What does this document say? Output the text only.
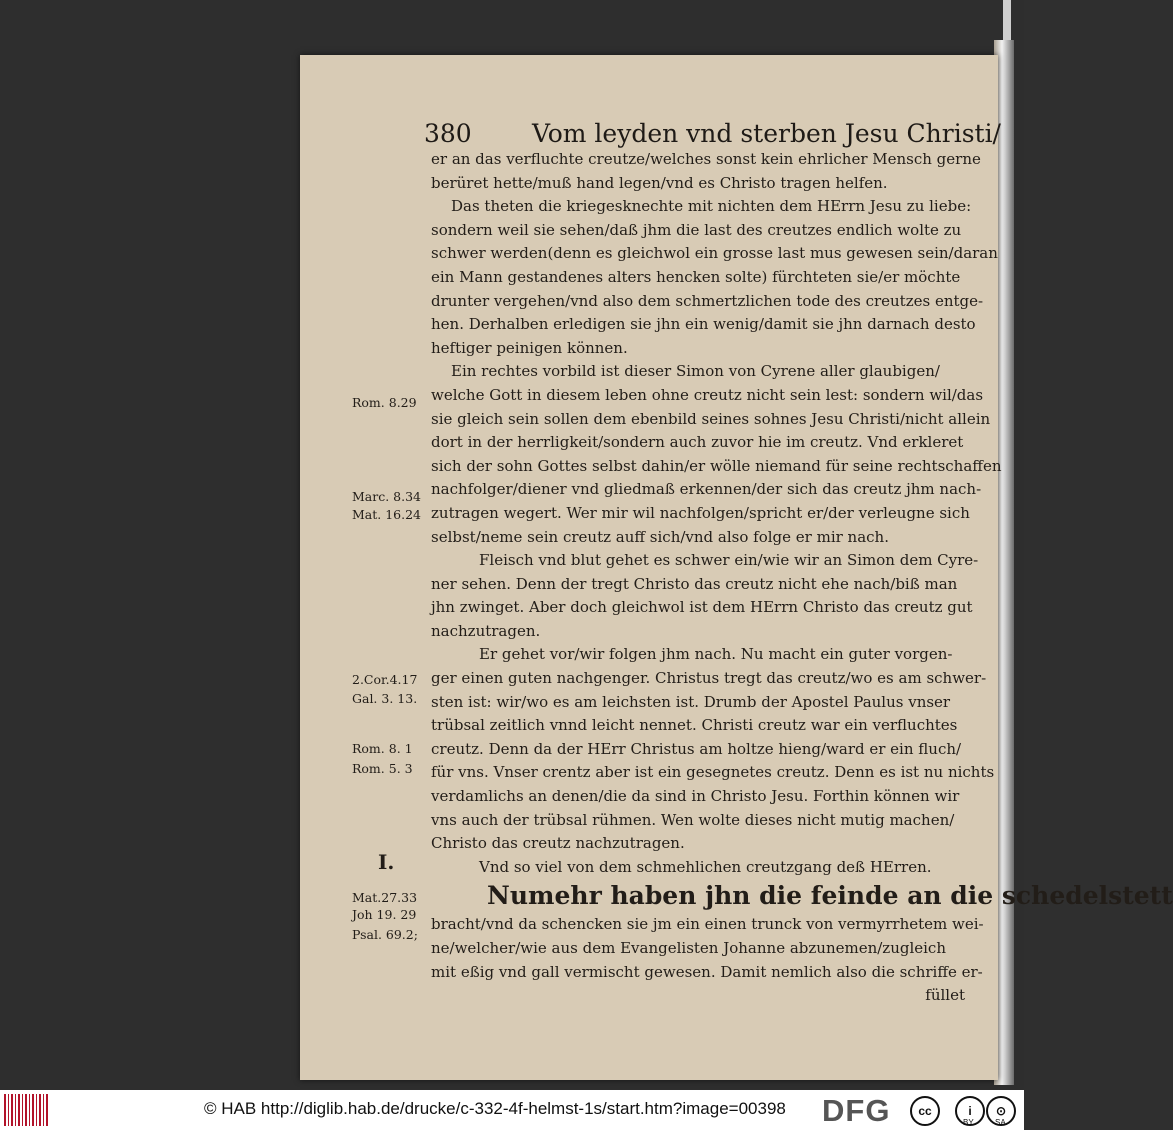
380 Vom leyden vnd sterben Jesu Christi/
er an das verfluchte creutze/welches sonst kein ehrlicher Mensch gerne
berüret hette/muß hand legen/vnd es Christo tragen helfen.
Das theten die kriegesknechte mit nichten dem HErrn Jesu zu liebe:
sondern weil sie sehen/daß jhm die last des creutzes endlich wolte zu
schwer werden(denn es gleichwol ein grosse last mus gewesen sein/daran
ein Mann gestandenes alters hencken solte) fürchteten sie/er möchte
drunter vergehen/vnd also dem schmertzlichen tode des creutzes entge-
hen. Derhalben erledigen sie jhn ein wenig/damit sie jhn darnach desto
heftiger peinigen können.
Ein rechtes vorbild ist dieser Simon von Cyrene aller glaubigen/
welche Gott in diesem leben ohne creutz nicht sein lest: sondern wil/das
sie gleich sein sollen dem ebenbild seines sohnes Jesu Christi/nicht allein
dort in der herrligkeit/sondern auch zuvor hie im creutz. Vnd erkleret
sich der sohn Gottes selbst dahin/er wölle niemand für seine rechtschaffen
nachfolger/diener vnd gliedmaß erkennen/der sich das creutz jhm nach-
zutragen wegert. Wer mir wil nachfolgen/spricht er/der verleugne sich
selbst/neme sein creutz auff sich/vnd also folge er mir nach.
Fleisch vnd blut gehet es schwer ein/wie wir an Simon dem Cyre-
ner sehen. Denn der tregt Christo das creutz nicht ehe nach/biß man
jhn zwinget. Aber doch gleichwol ist dem HErrn Christo das creutz gut
nachzutragen.
Er gehet vor/wir folgen jhm nach. Nu macht ein guter vorgen-
ger einen guten nachgenger. Christus tregt das creutz/wo es am schwer-
sten ist: wir/wo es am leichsten ist. Drumb der Apostel Paulus vnser
trübsal zeitlich vnnd leicht nennet. Christi creutz war ein verfluchtes
creutz. Denn da der HErr Christus am holtze hieng/ward er ein fluch/
für vns. Vnser crentz aber ist ein gesegnetes creutz. Denn es ist nu nichts
verdamlichs an denen/die da sind in Christo Jesu. Forthin können wir
vns auch der trübsal rühmen. Wen wolte dieses nicht mutig machen/
Christo das creutz nachzutragen.
Vnd so viel von dem schmehlichen creutzgang deß HErren.
Numehr haben jhn die feinde an die schedelstett
bracht/vnd da schencken sie jm ein einen trunck von vermyrrhetem wei-
ne/welcher/wie aus dem Evangelisten Johanne abzunemen/zugleich
mit eßig vnd gall vermischt gewesen. Damit nemlich also die schriffe er-
füllet
Rom. 8.29
Marc. 8.34
Mat. 16.24
2.Cor.4.17
Gal. 3. 13.
Rom. 8. 1
Rom. 5. 3
Mat.27.33
Joh 19. 29
Psal. 69.2;
I.
© HAB http://diglib.hab.de/drucke/c-332-4f-helmst-1s/start.htm?image=00398 DFG	cc	i	⊙
BY	SA
